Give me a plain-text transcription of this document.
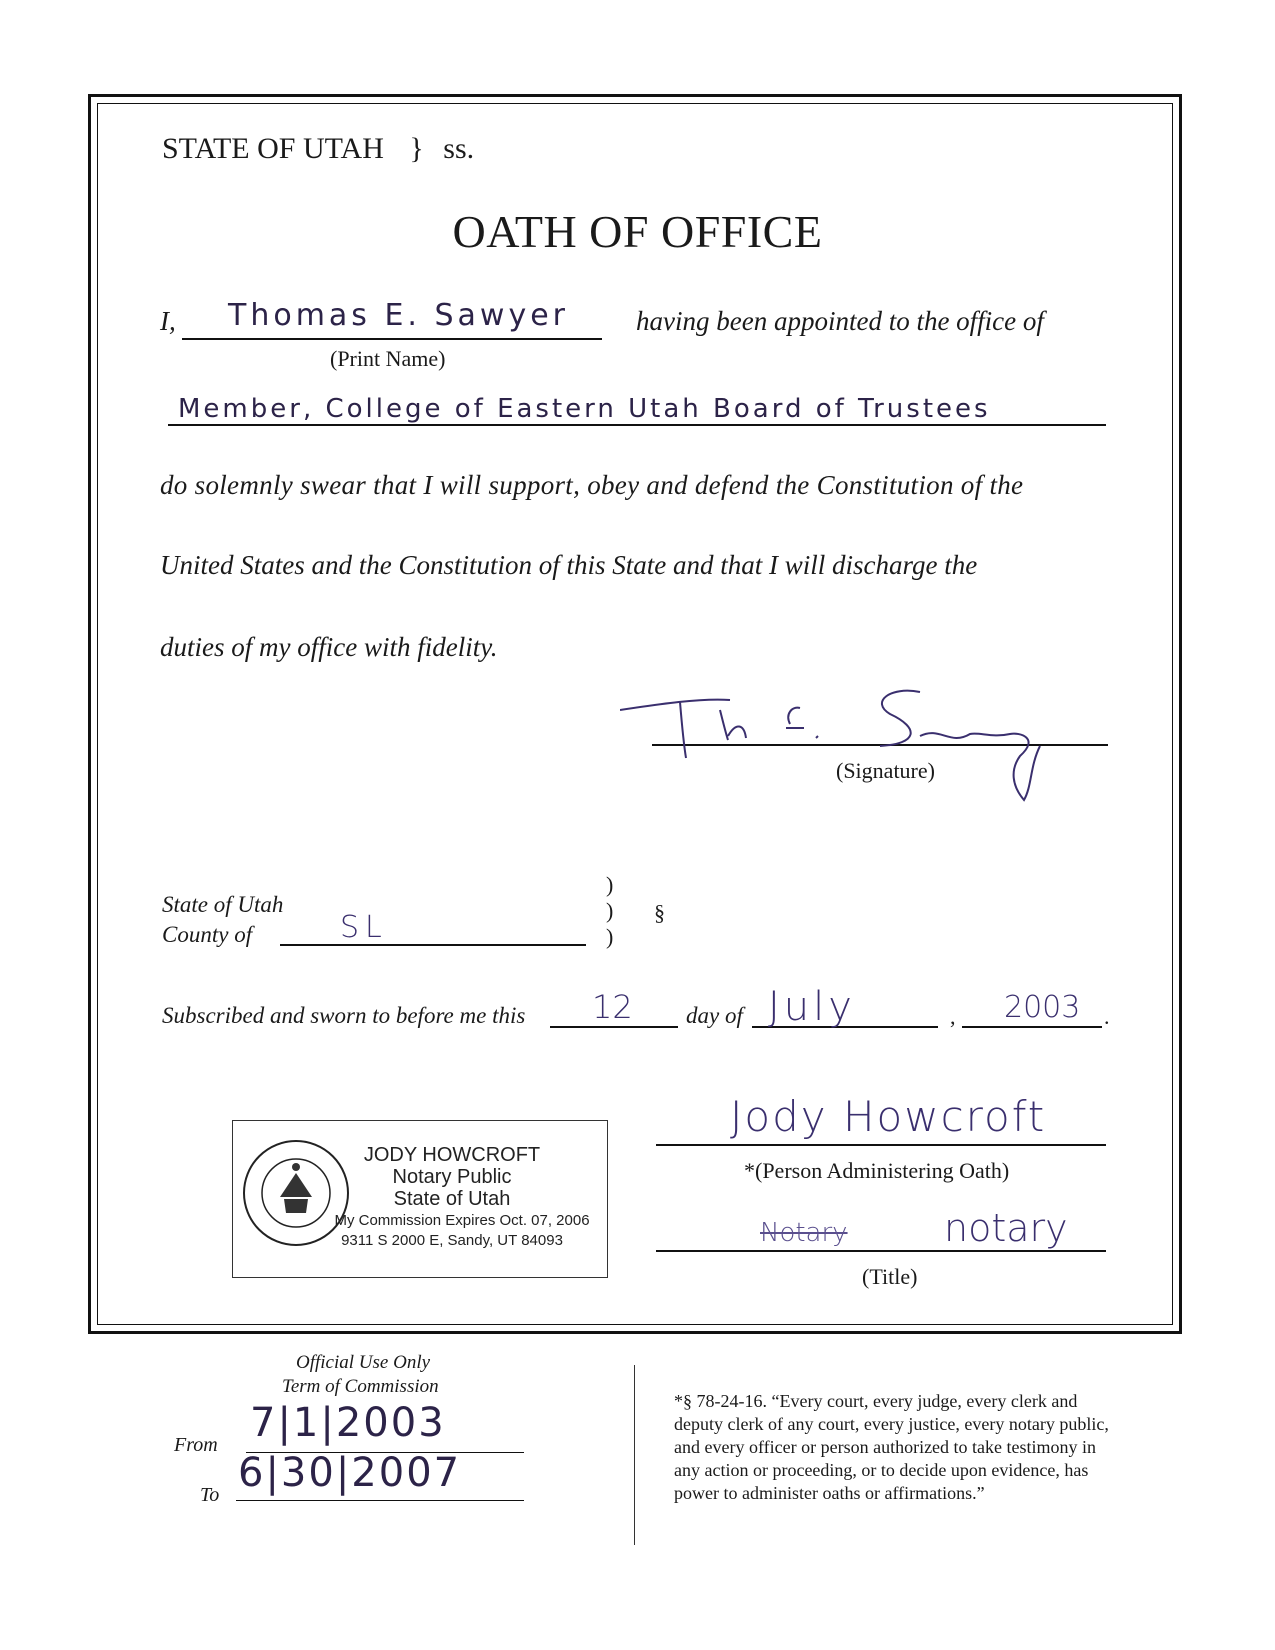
STATE OF UTAH } ss.
OATH OF OFFICE
I, Thomas E. Sawyer
(Print Name)
having been appointed to the office of
Member, College of Eastern Utah Board of Trustees
do solemnly swear that I will support, obey and defend the Constitution of the
United States and the Constitution of this State and that I will discharge the
duties of my office with fidelity.
(Signature)
State of Utah
County of	SL
)
)
)
§
Subscribed and sworn to before me this 12 day of July	, 2003 .
JODY HOWCROFT
Notary Public
State of Utah
My Commission Expires Oct. 07, 2006
9311 S 2000 E, Sandy, UT 84093
Jody Howcroft
*(Person Administering Oath)
Notary	notary
(Title)
Official Use Only
Term of Commission
From 7|1|2003
To 6|30|2007
*§ 78-24-16. “Every court, every judge, every clerk and
deputy clerk of any court, every justice, every notary public,
and every officer or person authorized to take testimony in
any action or proceeding, or to decide upon evidence, has
power to administer oaths or affirmations.”
